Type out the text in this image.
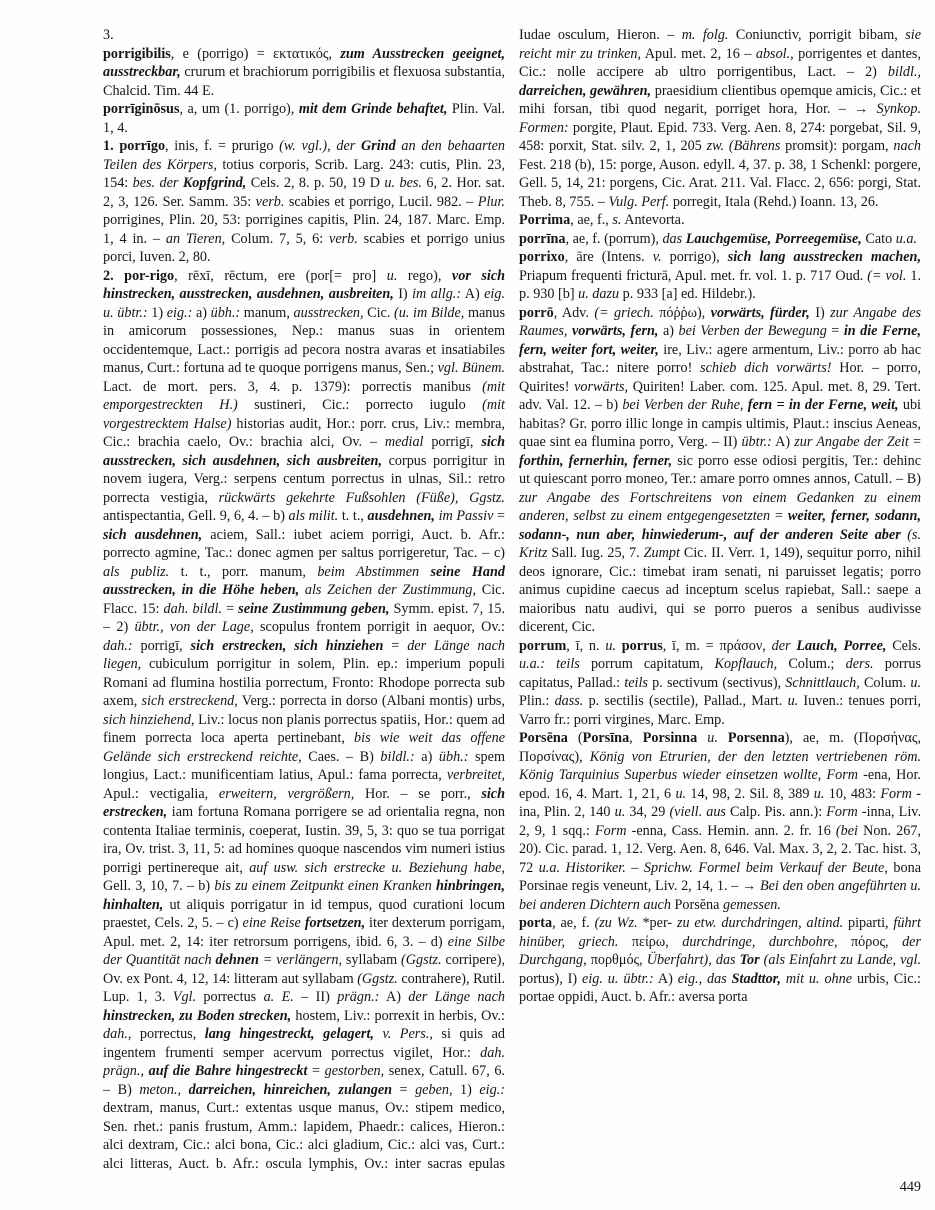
3.

porrigibilis, e (porrigo) = εκτατικός, zum Ausstrecken geeignet, ausstreckbar, crurum et brachiorum porrigibilis et flexuosa substantia, Chalcid. Tim. 44 E.

porrīginōsus, a, um (1. porrigo), mit dem Grinde behaftet, Plin. Val. 1, 4.

1. porrīgo, inis, f. = prurigo (w. vgl.), der Grind an den behaarten Teilen des Körpers, totius corporis, Scrib. Larg. 243: cutis, Plin. 23, 154: bes. der Kopfgrind, Cels. 2, 8. p. 50, 19 D u. bes. 6, 2. Hor. sat. 2, 3, 126. Ser. Samm. 35: verb. scabies et porrigo, Lucil. 982. – Plur. porrigines, Plin. 20, 53: porrigines capitis, Plin. 24, 187. Marc. Emp. 1, 4 in. – an Tieren, Colum. 7, 5, 6: verb. scabies et porrigo unius porci, Iuven. 2, 80.

2. por-rigo, rēxī, rēctum, ere (por[= pro] u. rego), vor sich hinstrecken, ausstrecken, ausdehnen, ausbreiten, I) im allg.: A) eig. u. übtr.: 1) eig.: a) übh.: manum, ausstrecken, Cic. (u. im Bilde, manus in amicorum possessiones, Nep.: manus suas in orientem occidentemque, Lact.: porrigis ad pecora nostra avaras et insatiabiles manus, Curt.: fortuna ad te quoque porrigens manus, Sen.; vgl. Bünem. Lact. de mort. pers. 3, 4. p. 1379): porrectis manibus (mit emporgestreckten H.) sustineri, Cic.: porrecto iugulo (mit vorgestrecktem Halse) historias audit, Hor.: porr. crus, Liv.: membra, Cic.: brachia caelo, Ov.: brachia alci, Ov. – medial porrigī, sich ausstrecken, sich ausdehnen, sich ausbreiten, corpus porrigitur in novem iugera, Verg.: serpens centum porrectus in ulnas, Sil.: retro porrecta vestigia, rückwärts gekehrte Fußsohlen (Füße), Ggstz. antispectantia, Gell. 9, 6, 4. – b) als milit. t. t., ausdehnen, im Passiv = sich ausdehnen, aciem, Sall.: iubet aciem porrigi, Auct. b. Afr.: porrecto agmine, Tac.: donec agmen per saltus porrigeretur, Tac. – c) als publiz. t. t., porr. manum, beim Abstimmen seine Hand ausstrecken, in die Höhe heben, als Zeichen der Zustimmung, Cic. Flacc. 15: dah. bildl. = seine Zustimmung geben, Symm. epist. 7, 15. – 2) übtr., von der Lage, scopulus frontem porrigit in aequor, Ov.: dah.: porrigī, sich erstrecken, sich hinziehen = der Länge nach liegen, cubiculum porrigitur in solem, Plin. ep.: imperium populi Romani ad flumina hostilia porrectum, Fronto: Rhodope porrecta sub axem, sich erstreckend, Verg.: porrecta in dorso (Albani montis) urbs, sich hinziehend, Liv.: locus non planis porrectus spatiis, Hor.: quem ad finem porrecta loca aperta pertinebant, bis wie weit das offene Gelände sich erstreckend reichte, Caes. – B) bildl.: a) übh.: spem longius, Lact.: munificentiam latius, Apul.: fama porrecta, verbreitet, Apul.: vectigalia, erweitern, vergrößern, Hor. – se porr., sich erstrecken, iam fortuna Romana porrigere se ad orientalia regna, non contenta Italiae terminis, coeperat, Iustin. 39, 5, 3: quo se tua porrigat ira, Ov. trist. 3, 11, 5: ad homines quoque nascendos vim numeri istius porrigi pertinereque ait, auf usw. sich erstrecke u. Beziehung habe, Gell. 3, 10, 7. – b) bis zu einem Zeitpunkt einen Kranken hinbringen, hinhalten, ut aliquis porrigatur in id tempus, quod curationi locum praestet, Cels. 2, 5. – c) eine Reise fortsetzen, iter dexterum porrigam, Apul. met. 2, 14: iter retrorsum porrigens, ibid. 6, 3. – d) eine Silbe der Quantität nach dehnen = verlängern, syllabam (Ggstz. corripere), Ov. ex Pont. 4, 12, 14: litteram aut syllabam (Ggstz. contrahere), Rutil. Lup. 1, 3. Vgl. porrectus a. E. – II) prägn.: A) der Länge nach hinstrecken, zu Boden strecken, hostem, Liv.: porrexit in herbis, Ov.: dah., porrectus, lang hingestreckt, gelagert, v. Pers., si quis ad ingentem frumenti semper acervum porrectus vigilet, Hor.: dah. prägn., auf die Bahre hingestreckt = gestorben, senex, Catull. 67, 6. – B) meton., darreichen, hinreichen, zulangen = geben, 1) eig.: dextram, manus, Curt.: extentas usque manus, Ov.: stipem medico, Sen. rhet.: panis frustum, Amm.: lapidem, Phaedr.: calices, Hieron.: alci dextram, Cic.: alci bona, Cic.: alci gladium, Cic.: alci vas, Curt.: alci litteras, Auct. b. Afr.: oscula lymphis, Ov.: inter sacras epulas Iudae osculum, Hieron. – m. folg. Coniunctiv, porrigit bibam, sie reicht mir zu trinken, Apul. met. 2, 16 – absol., porrigentes et dantes, Cic.: nolle accipere ab ultro porrigentibus, Lact. – 2) bildl., darreichen, gewähren, praesidium clientibus opemque amicis, Cic.: et mihi forsan, tibi quod negarit, porriget hora, Hor. – → Synkop. Formen: porgite, Plaut. Epid. 733. Verg. Aen. 8, 274: porgebat, Sil. 9, 458: porxit, Stat. silv. 2, 1, 205 zw. (Bährens promsit): porgam, nach Fest. 218 (b), 15: porge, Auson. edyll. 4, 37. p. 38, 1 Schenkl: porgere, Gell. 5, 14, 21: porgens, Cic. Arat. 211. Val. Flacc. 2, 656: porgi, Stat. Theb. 8, 755. – Vulg. Perf. porregit, Itala (Rehd.) Ioann. 13, 26.

Porrima, ae, f., s. Antevorta.

porrīna, ae, f. (porrum), das Lauchgemüse, Porreegemüse, Cato u.a.

porrixo, āre (Intens. v. porrigo), sich lang ausstrecken machen, Priapum frequenti fricturā, Apul. met. fr. vol. 1. p. 717 Oud. (= vol. 1. p. 930 [b] u. dazu p. 933 [a] ed. Hildebr.).

porrō, Adv. (= griech. πόῤῥω), vorwärts, fürder, I) zur Angabe des Raumes, vorwärts, fern, a) bei Verben der Bewegung = in die Ferne, fern, weiter fort, weiter, ire, Liv.: agere armentum, Liv.: porro ab hac abstrahat, Tac.: nitere porro! schieb dich vorwärts! Hor. – porro, Quirites! vorwärts, Quiriten! Laber. com. 125. Apul. met. 8, 29. Tert. adv. Val. 12. – b) bei Verben der Ruhe, fern = in der Ferne, weit, ubi habitas? Gr. porro illic longe in campis ultimis, Plaut.: inscius Aeneas, quae sint ea flumina porro, Verg. – II) übtr.: A) zur Angabe der Zeit = forthin, fernerhin, ferner, sic porro esse odiosi pergitis, Ter.: dehinc ut quiescant porro moneo, Ter.: amare porro omnes annos, Catull. – B) zur Angabe des Fortschreitens von einem Gedanken zu einem anderen, selbst zu einem entgegengesetzten = weiter, ferner, sodann, sodann-, nun aber, hinwiederum-, auf der anderen Seite aber (s. Kritz Sall. Iug. 25, 7. Zumpt Cic. II. Verr. 1, 149), sequitur porro, nihil deos ignorare, Cic.: timebat iram senati, ni paruisset legatis; porro animus cupidine caecus ad inceptum scelus rapiebat, Sall.: saepe a maioribus natu audivi, qui se porro pueros a senibus audivisse dicerent, Cic.

porrum, ī, n. u. porrus, ī, m. = πράσον, der Lauch, Porree, Cels. u.a.: teils porrum capitatum, Kopflauch, Colum.; ders. porrus capitatus, Pallad.: teils p. sectivum (sectivus), Schnittlauch, Colum. u. Plin.: dass. p. sectilis (sectile), Pallad., Mart. u. Iuven.: tenues porri, Varro fr.: porri virgines, Marc. Emp.

Porsēna (Porsīna, Porsinna u. Porsenna), ae, m. (Πορσήνας, Πορσίνας), König von Etrurien, der den letzten vertriebenen röm. König Tarquinius Superbus wieder einsetzen wollte, Form -ena, Hor. epod. 16, 4. Mart. 1, 21, 6 u. 14, 98, 2. Sil. 8, 389 u. 10, 483: Form -ina, Plin. 2, 140 u. 34, 29 (viell. aus Calp. Pis. ann.): Form -inna, Liv. 2, 9, 1 sqq.: Form -enna, Cass. Hemin. ann. 2. fr. 16 (bei Non. 267, 20). Cic. parad. 1, 12. Verg. Aen. 8, 646. Val. Max. 3, 2, 2. Tac. hist. 3, 72 u.a. Historiker. – Sprichw. Formel beim Verkauf der Beute, bona Porsinae regis veneunt, Liv. 2, 14, 1. – → Bei den oben angeführten u. bei anderen Dichtern auch Porsĕna gemessen.

porta, ae, f. (zu Wz. *per- zu etw. durchdringen, altind. piparti, führt hinüber, griech. πείρω, durchdringe, durchbohre, πόρος, der Durchgang, πορθμός, Überfahrt), das Tor (als Einfahrt zu Lande, vgl. portus), I) eig. u. übtr.: A) eig., das Stadttor, mit u. ohne urbis, Cic.: portae oppidi, Auct. b. Afr.: aversa porta

449
